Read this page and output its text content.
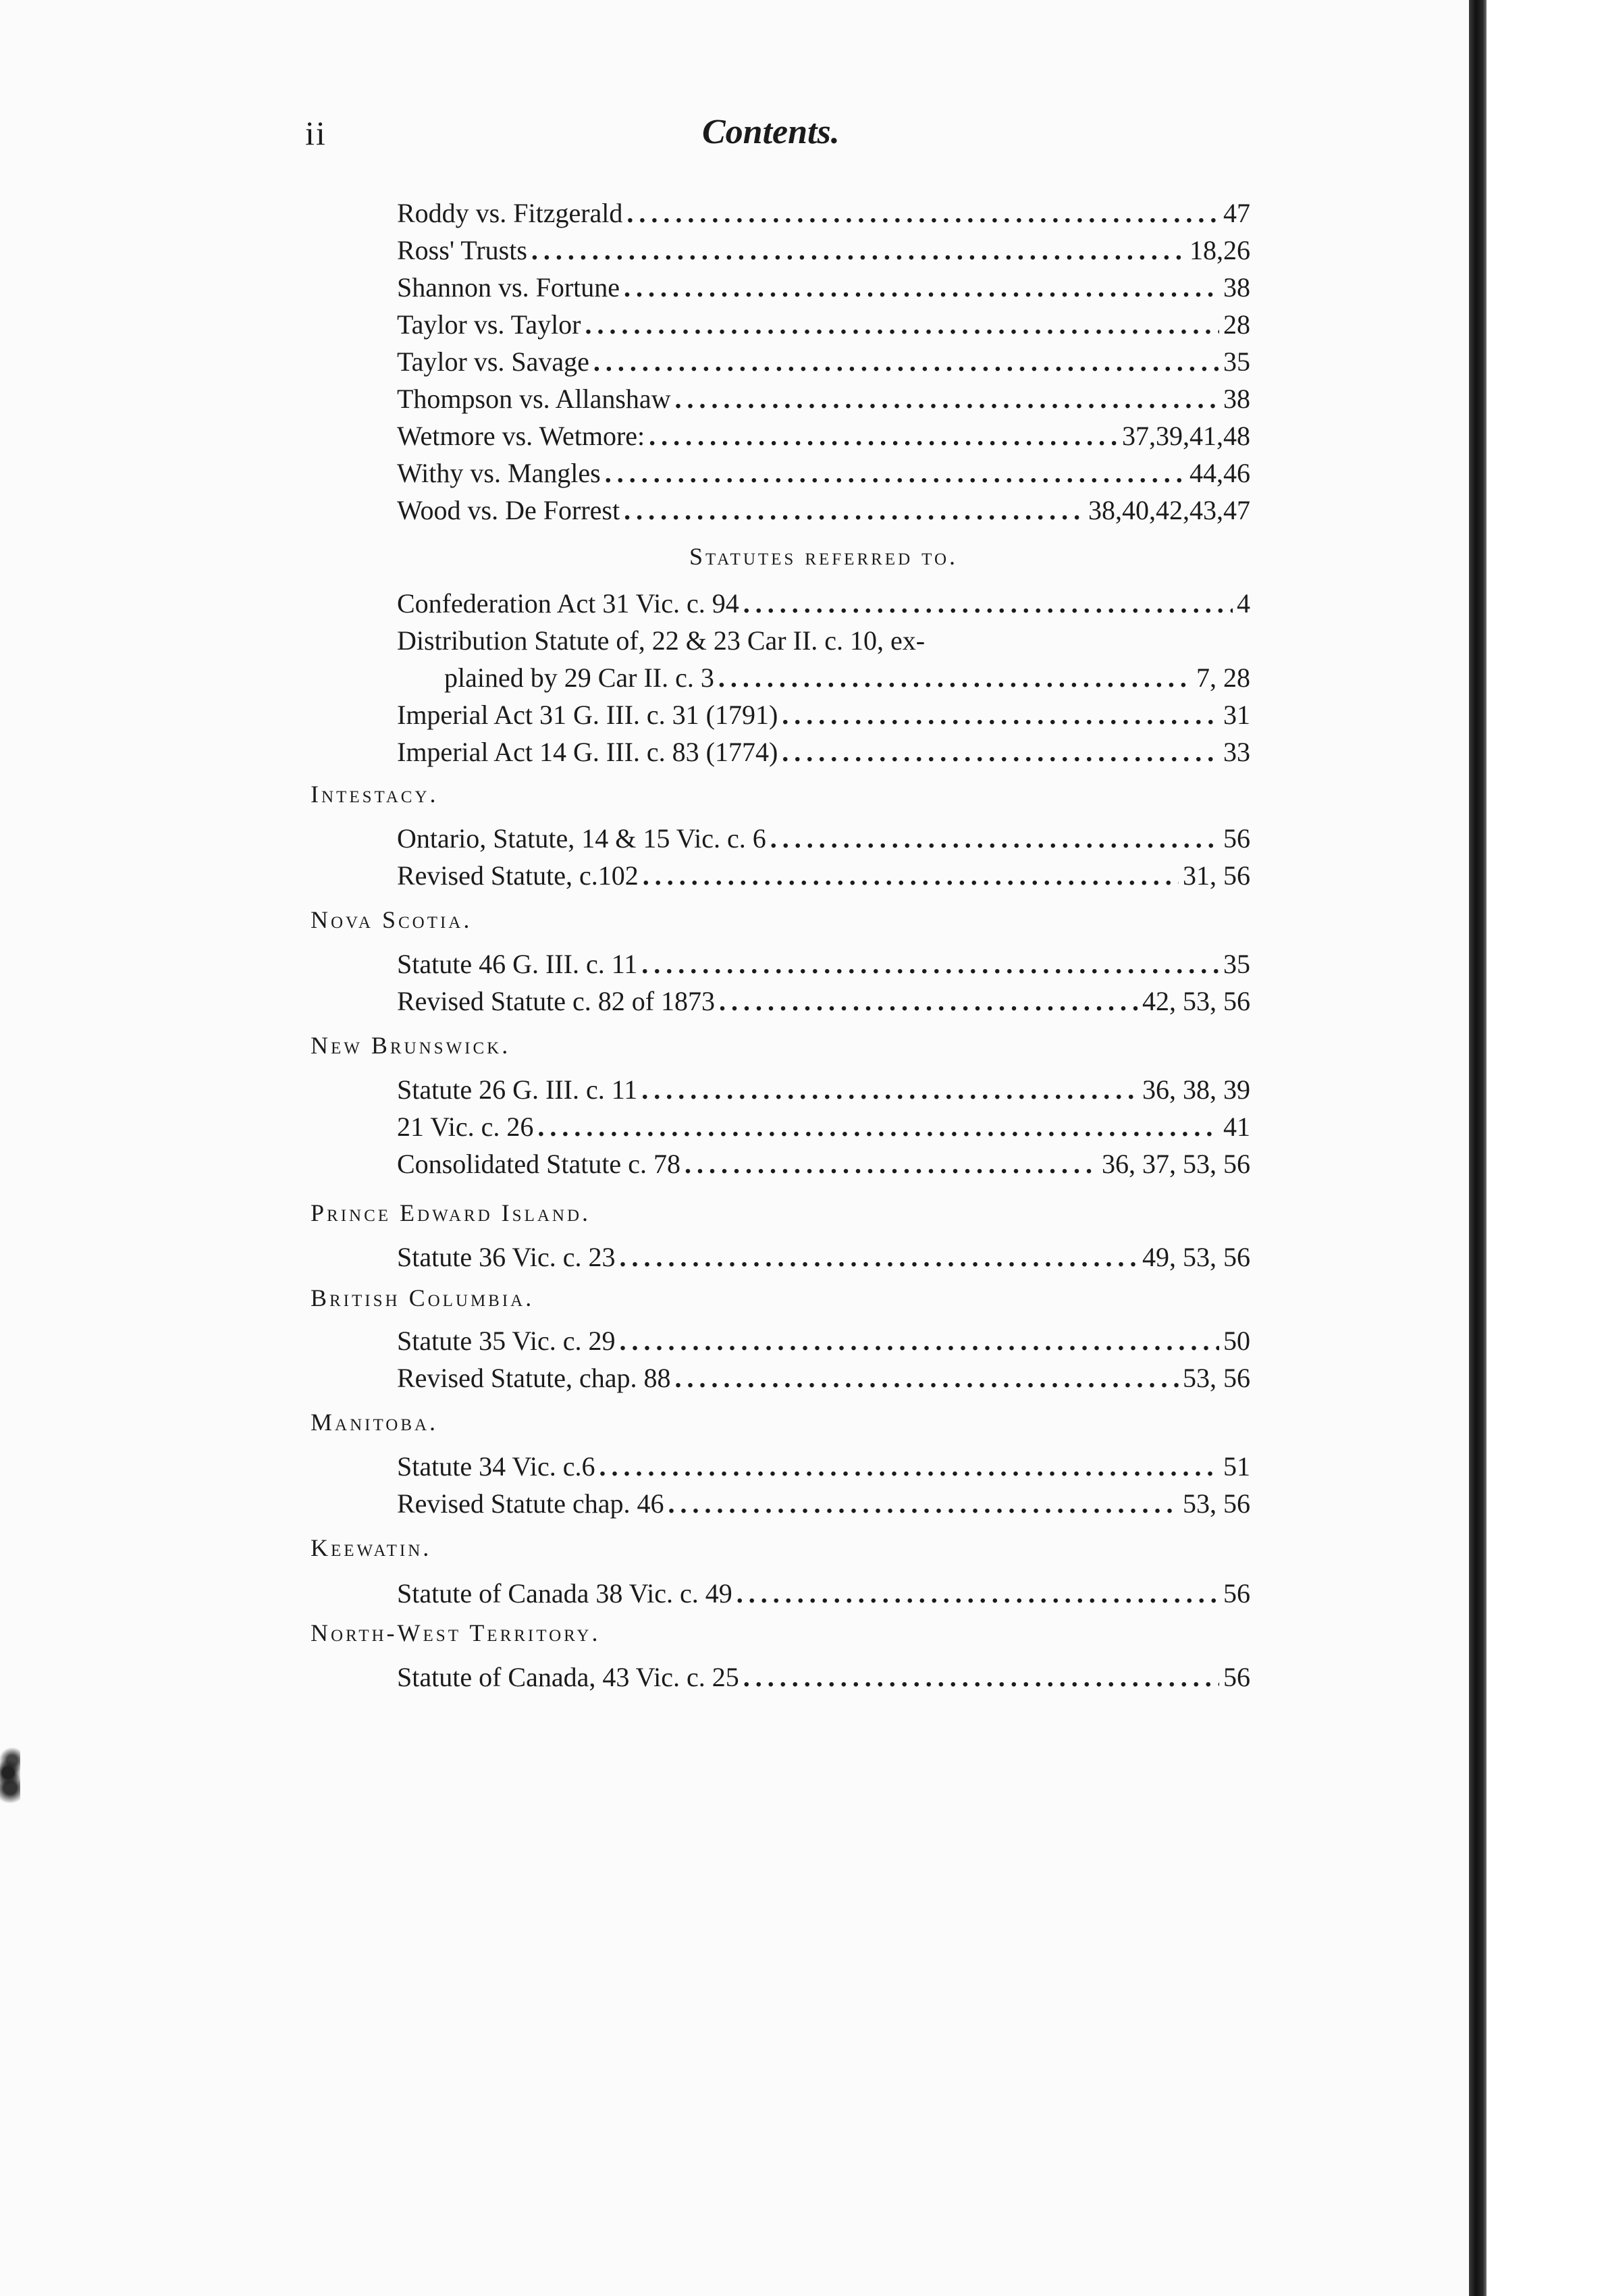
ii	Contents.
Roddy vs. Fitzgerald . . .	47
Ross' Trusts . . .	18,26
Shannon vs. Fortune . . .	38
Taylor vs. Taylor . . .	28
Taylor vs. Savage . . .	35
Thompson vs. Allanshaw . . .	38
Wetmore vs. Wetmore: . . .	37,39,41,48
Withy vs. Mangles . . .	44,46
Wood vs. De Forrest . . .	38,40,42,43,47
Statutes referred to.
Confederation Act 31 Vic. c. 94 . . .	4
Distribution Statute of, 22 & 23 Car II. c. 10, ex-
plained by 29 Car II. c. 3 . . .	7, 28
Imperial Act 31 G. III. c. 31 (1791) . . .	31
Imperial Act 14 G. III. c. 83 (1774) . . .	33
Intestacy.
Ontario, Statute, 14 & 15 Vic. c. 6 . . .	56
Revised Statute, c.102 . . .	31, 56
Nova Scotia.
Statute 46 G. III. c. 11 . . .	35
Revised Statute c. 82 of 1873 . . .	42, 53, 56
New Brunswick.
Statute 26 G. III. c. 11 . . .	36, 38, 39
21 Vic. c. 26 . . .	41
Consolidated Statute c. 78 . . .	36, 37, 53, 56
Prince Edward Island.
Statute 36 Vic. c. 23 . . .	49, 53, 56
British Columbia.
Statute 35 Vic. c. 29 . . .	50
Revised Statute, chap. 88 . . .	53, 56
Manitoba.
Statute 34 Vic. c.6 . . .	51
Revised Statute chap. 46 . . .	53, 56
Keewatin.
Statute of Canada 38 Vic. c. 49 . . .	56
North-West Territory.
Statute of Canada, 43 Vic. c. 25 . . .	56
